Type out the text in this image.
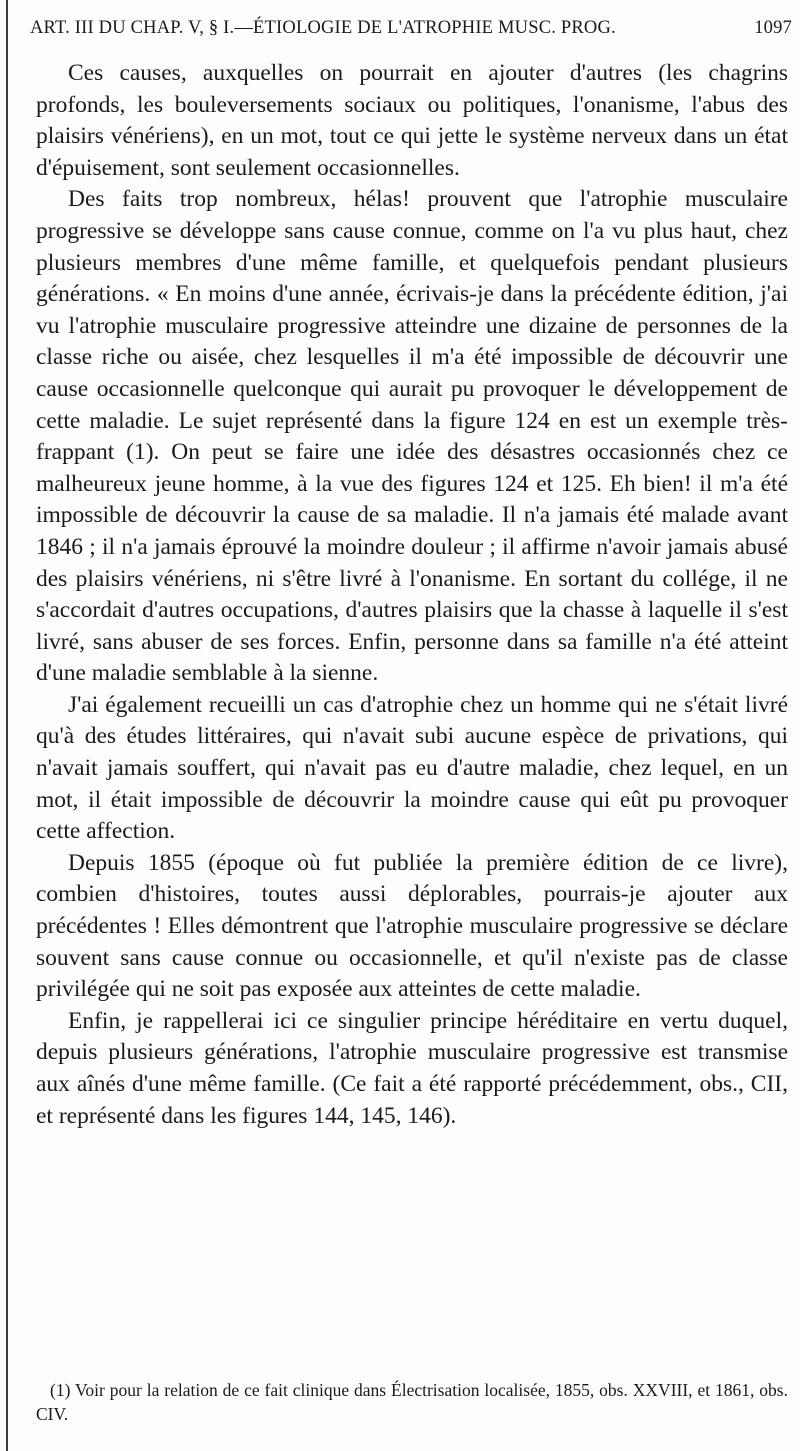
ART. III DU CHAP. V, § I.—ÉTIOLOGIE DE L'ATROPHIE MUSC. PROG.	1097

Ces causes, auxquelles on pourrait en ajouter d'autres (les chagrins profonds, les bouleversements sociaux ou politiques, l'onanisme, l'abus des plaisirs vénériens), en un mot, tout ce qui jette le système nerveux dans un état d'épuisement, sont seulement occasionnelles.

Des faits trop nombreux, hélas! prouvent que l'atrophie musculaire progressive se développe sans cause connue, comme on l'a vu plus haut, chez plusieurs membres d'une même famille, et quelquefois pendant plusieurs générations. « En moins d'une année, écrivais-je dans la précédente édition, j'ai vu l'atrophie musculaire progressive atteindre une dizaine de personnes de la classe riche ou aisée, chez lesquelles il m'a été impossible de découvrir une cause occasionnelle quelconque qui aurait pu provoquer le développement de cette maladie. Le sujet représenté dans la figure 124 en est un exemple très-frappant (1). On peut se faire une idée des désastres occasionnés chez ce malheureux jeune homme, à la vue des figures 124 et 125. Eh bien! il m'a été impossible de découvrir la cause de sa maladie. Il n'a jamais été malade avant 1846 ; il n'a jamais éprouvé la moindre douleur ; il affirme n'avoir jamais abusé des plaisirs vénériens, ni s'être livré à l'onanisme. En sortant du collége, il ne s'accordait d'autres occupations, d'autres plaisirs que la chasse à laquelle il s'est livré, sans abuser de ses forces. Enfin, personne dans sa famille n'a été atteint d'une maladie semblable à la sienne.

J'ai également recueilli un cas d'atrophie chez un homme qui ne s'était livré qu'à des études littéraires, qui n'avait subi aucune espèce de privations, qui n'avait jamais souffert, qui n'avait pas eu d'autre maladie, chez lequel, en un mot, il était impossible de découvrir la moindre cause qui eût pu provoquer cette affection.

Depuis 1855 (époque où fut publiée la première édition de ce livre), combien d'histoires, toutes aussi déplorables, pourrais-je ajouter aux précédentes ! Elles démontrent que l'atrophie musculaire progressive se déclare souvent sans cause connue ou occasionnelle, et qu'il n'existe pas de classe privilégée qui ne soit pas exposée aux atteintes de cette maladie.

Enfin, je rappellerai ici ce singulier principe héréditaire en vertu duquel, depuis plusieurs générations, l'atrophie musculaire progressive est transmise aux aînés d'une même famille. (Ce fait a été rapporté précédemment, obs., CII, et représenté dans les figures 144, 145, 146).

(1) Voir pour la relation de ce fait clinique dans Électrisation localisée, 1855, obs. XXVIII, et 1861, obs. CIV.
